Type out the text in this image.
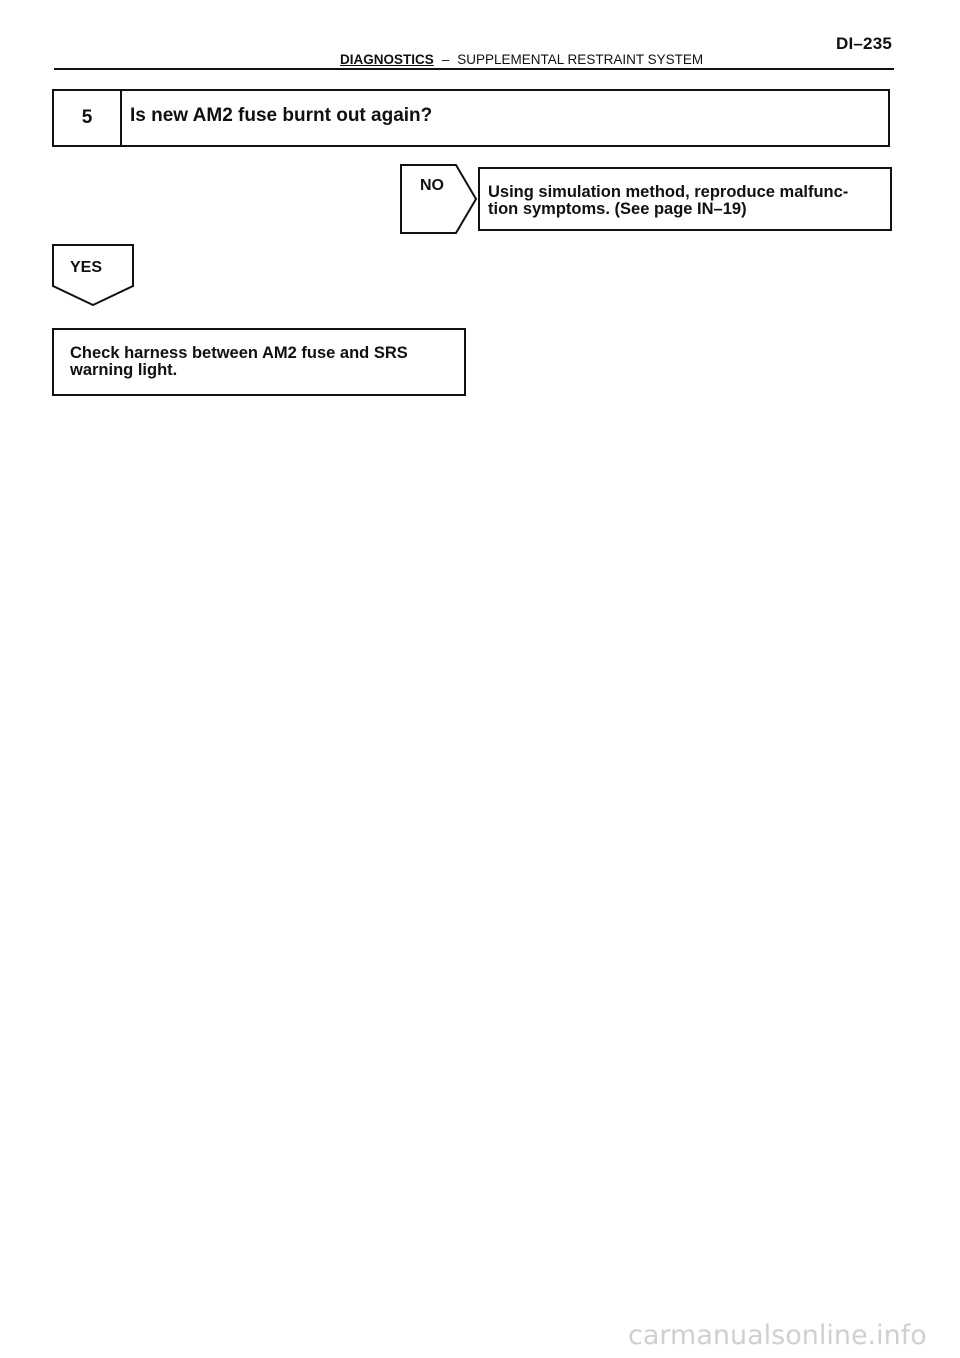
DI–235
DIAGNOSTICS – SUPPLEMENTAL RESTRAINT SYSTEM
5	Is new AM2 fuse burnt out again?
NO	Using simulation method, reproduce malfunc-
tion symptoms. (See page IN–19)
YES
Check harness between AM2 fuse and SRS
warning light.
carmanualsonline.info
